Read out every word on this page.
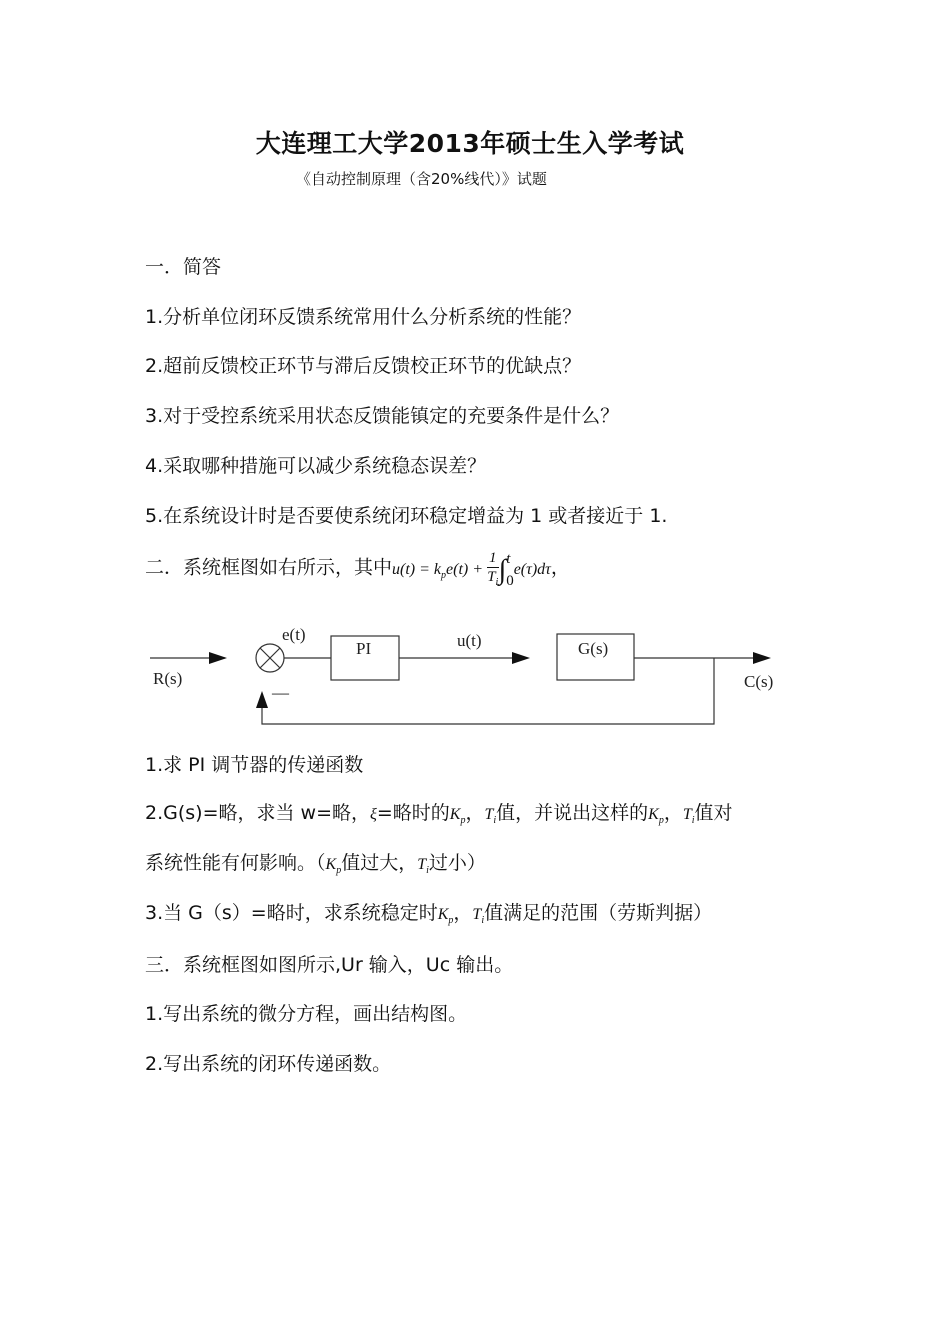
大连理工大学2013年硕士生入学考试
《自动控制原理（含20%线代）》试题
一．简答
1.分析单位闭环反馈系统常用什么分析系统的性能？
2.超前反馈校正环节与滞后反馈校正环节的优缺点？
3.对于受控系统采用状态反馈能镇定的充要条件是什么？
4.采取哪种措施可以减少系统稳态误差？
5.在系统设计时是否要使系统闭环稳定增益为 1 或者接近于 1.
二．系统框图如右所示，其中$u(t) = k_pe(t) + \frac{1}{T_i}$ ∫ t
0
e(τ)dτ，
R(s)
e(t)
PI	u(t)	G(s)
C(s)
—
1.求 PI 调节器的传递函数
2.G(s)=略，求当 w=略，ξ=略时的$K_p$，$T_i$值，并说出这样的$K_p$，$T_i$值对
系统性能有何影响。（$K_p$值过大，$T_i$过小）
3.当 G（s）=略时，求系统稳定时$K_p$，$T_i$值满足的范围（劳斯判据）
三．系统框图如图所示,Ur 输入，Uc 输出。
1.写出系统的微分方程，画出结构图。
2.写出系统的闭环传递函数。
